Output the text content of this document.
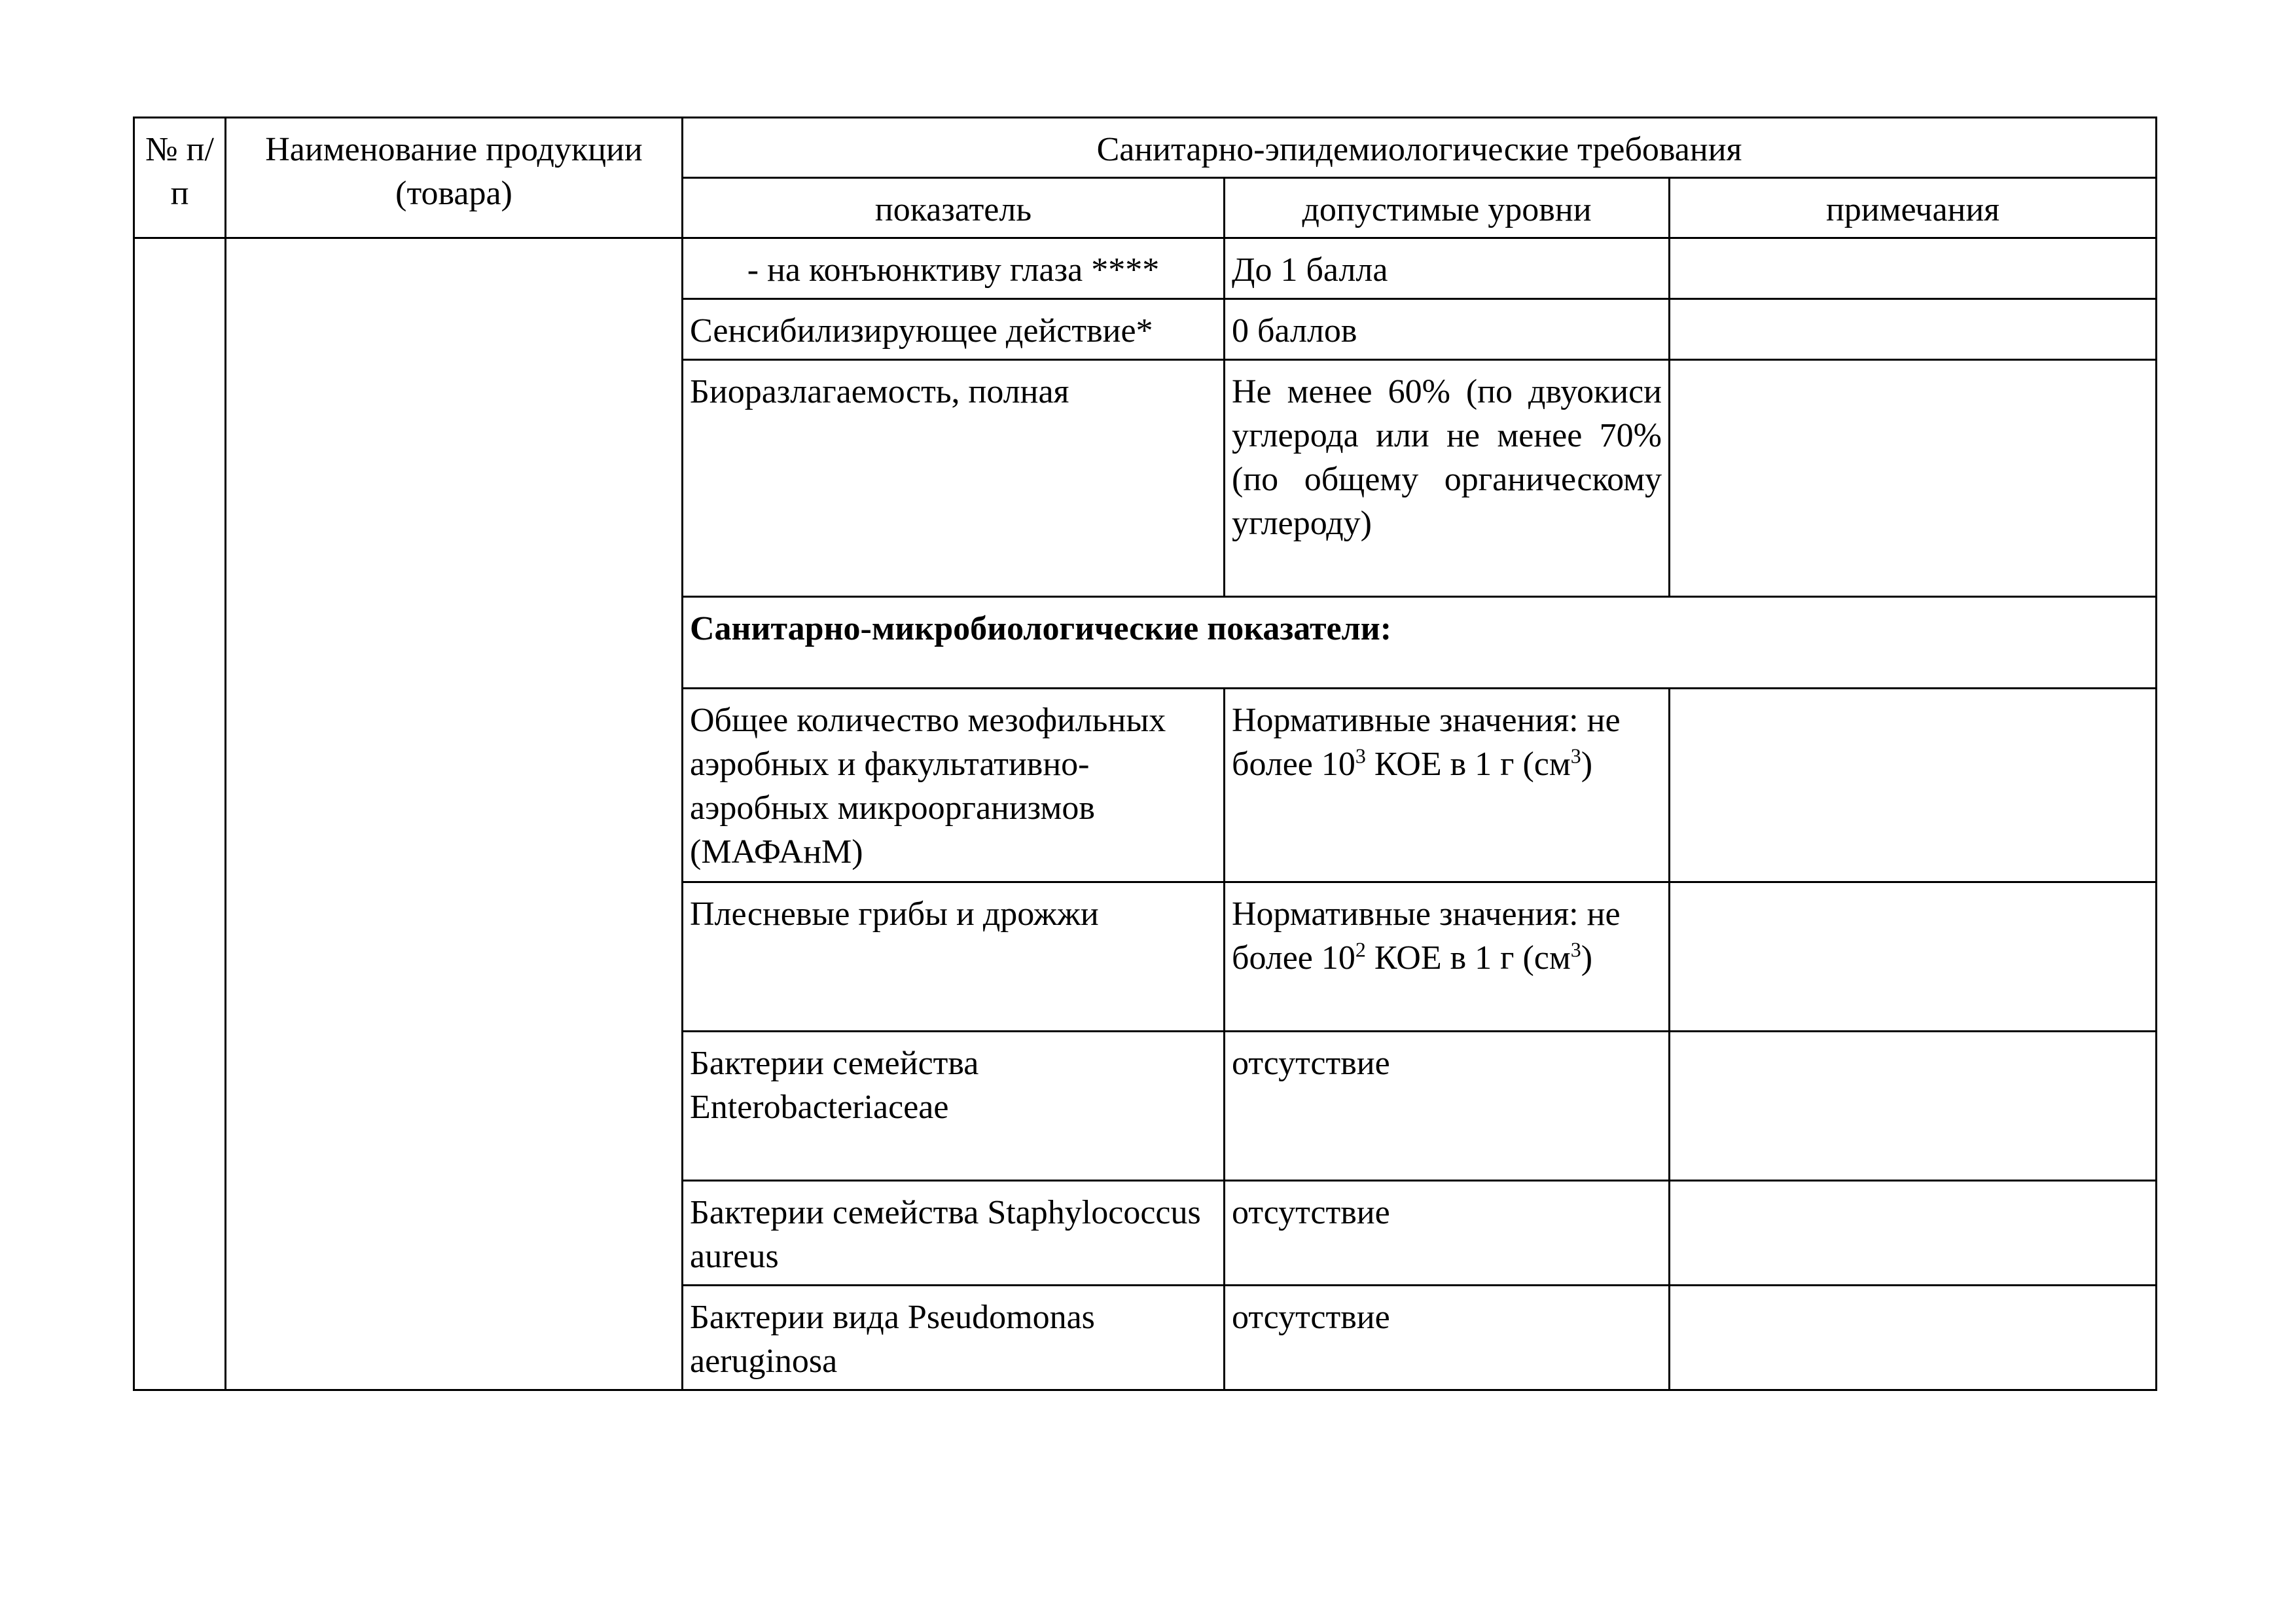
№ п/п	Наименование продукции (товара)	Санитарно-эпидемиологические требования		
		показатель	допустимые уровни	примечания
		- на конъюнктиву глаза ****	До 1 балла	
		Сенсибилизирующее действие*	0 баллов	
		Биоразлагаемость, полная	Не менее 60% (по двуокиси углерода или не менее 70% (по общему органическому углероду)	
		Санитарно-микробиологические показатели:		
		Общее количество мезофильных аэробных и факультативно-аэробных микроорганизмов (МАФАнМ)	Нормативные значения: не более $10^3$ КОЕ в 1 г $(см^3)$	
		Плесневые грибы и дрожжи	Нормативные значения: не более $10^2$ КОЕ в 1 г $(см^3)$	
		Бактерии семейства Enterobacteriaceae	отсутствие	
		Бактерии семейства Staphylococcus aureus	отсутствие	
		Бактерии вида Pseudomonas aeruginosa	отсутствие	
